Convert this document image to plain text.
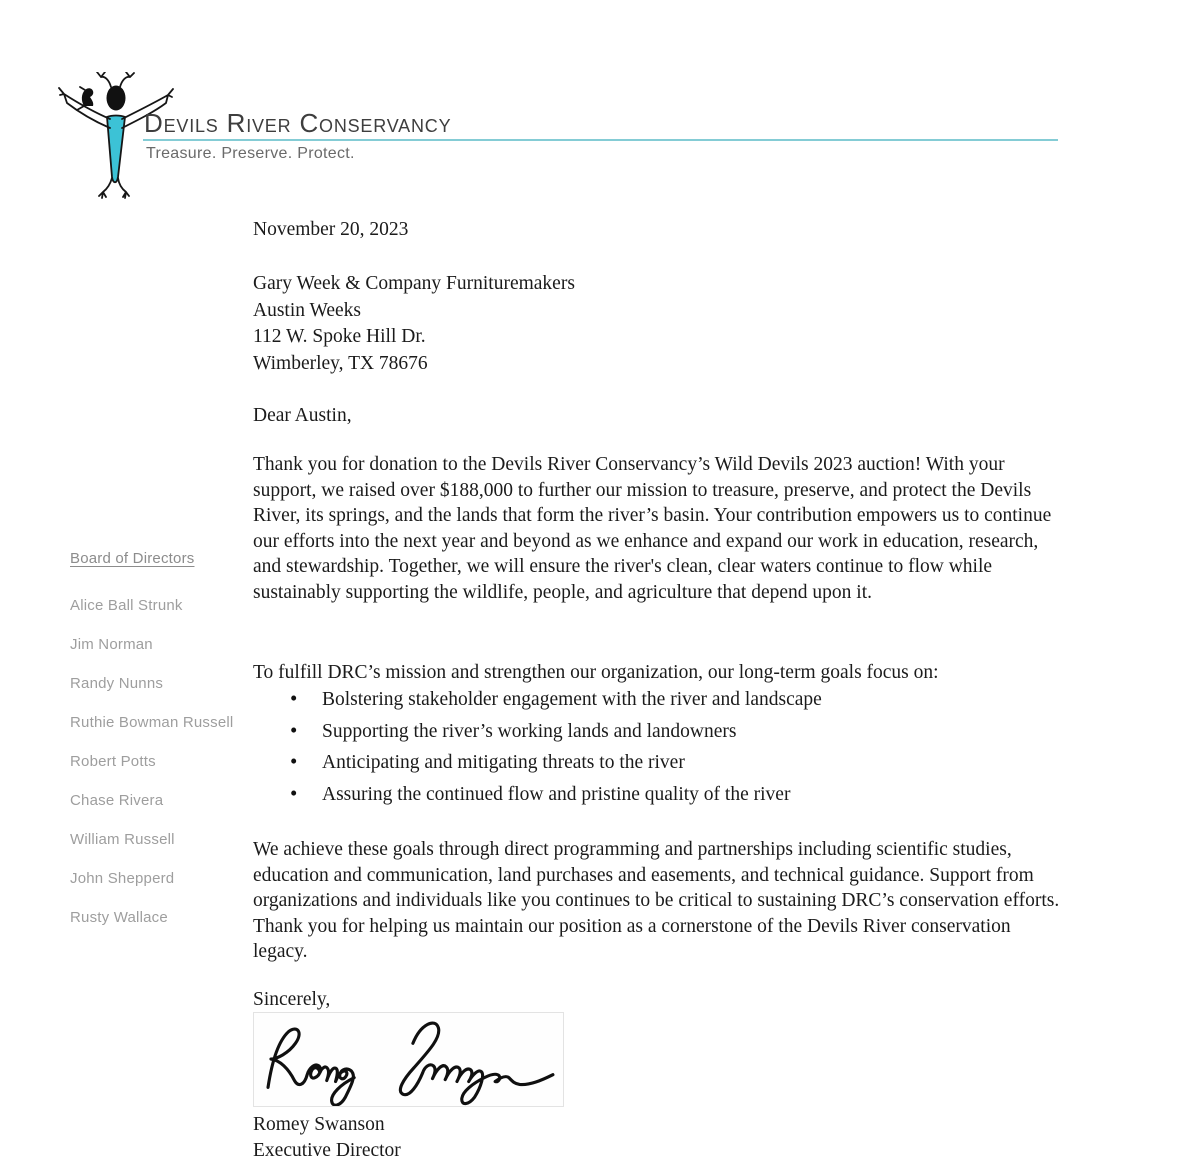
Devils River Conservancy
Treasure. Preserve. Protect.
Board of Directors
Alice Ball Strunk
Jim Norman
Randy Nunns
Ruthie Bowman Russell
Robert Potts
Chase Rivera
William Russell
John Shepperd
Rusty Wallace
November 20, 2023
Gary Week & Company Furnituremakers
Austin Weeks
112 W. Spoke Hill Dr.
Wimberley, TX 78676
Dear Austin,
Thank you for donation to the Devils River Conservancy’s Wild Devils 2023 auction! With your support, we raised over $188,000 to further our mission to treasure, preserve, and protect the Devils River, its springs, and the lands that form the river’s basin. Your contribution empowers us to continue our efforts into the next year and beyond as we enhance and expand our work in education, research, and stewardship. Together, we will ensure the river's clean, clear waters continue to flow while sustainably supporting the wildlife, people, and agriculture that depend upon it.
To fulfill DRC’s mission and strengthen our organization, our long-term goals focus on:
• Bolstering stakeholder engagement with the river and landscape
• Supporting the river’s working lands and landowners
• Anticipating and mitigating threats to the river
• Assuring the continued flow and pristine quality of the river
We achieve these goals through direct programming and partnerships including scientific studies, education and communication, land purchases and easements, and technical guidance. Support from organizations and individuals like you continues to be critical to sustaining DRC’s conservation efforts. Thank you for helping us maintain our position as a cornerstone of the Devils River conservation legacy.
Sincerely,
Romey Swanson
Executive Director
